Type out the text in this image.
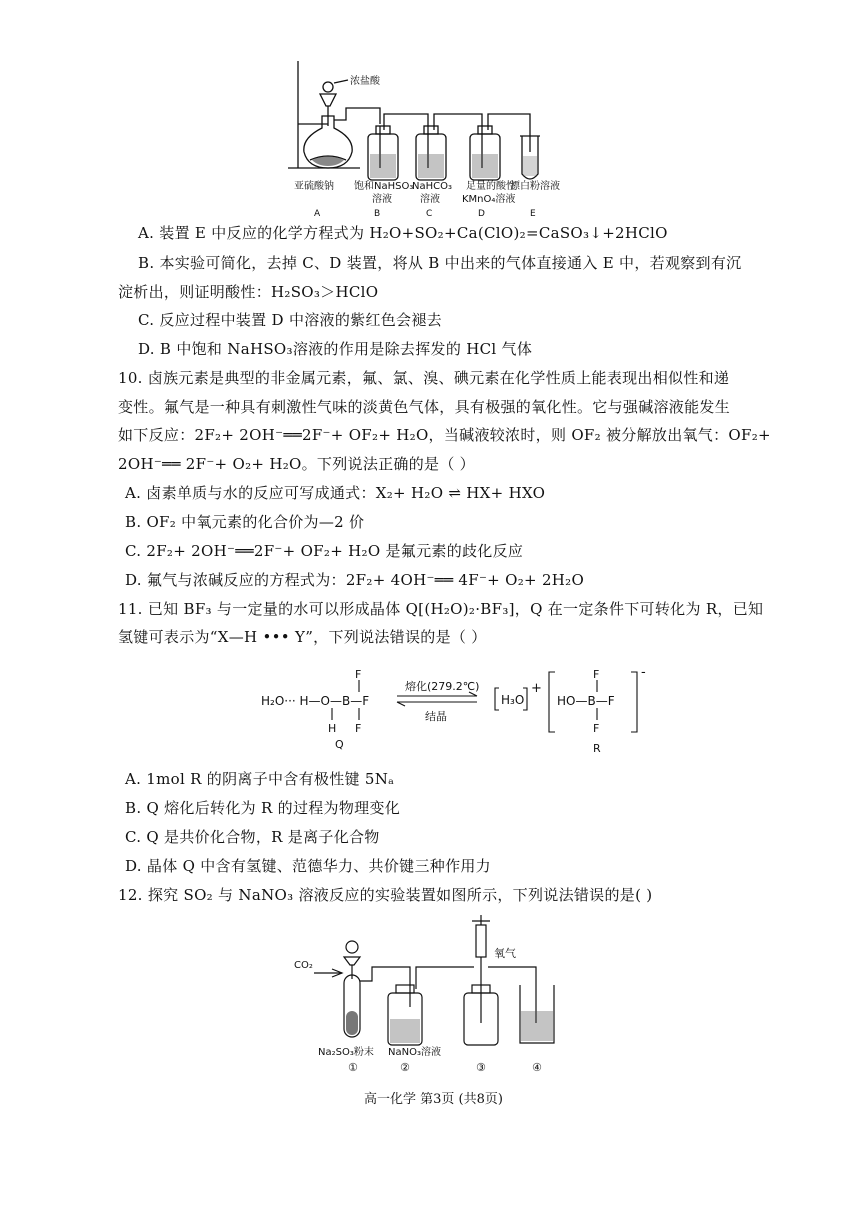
浓盐酸
亚硫酸钠 饱和NaHSO₃
溶液
NaHCO₃
溶液
足量的酸性
KMnO₄溶液
漂白粉溶液
A	B	C	D	E
A. 装置 E 中反应的化学方程式为 H₂O+SO₂+Ca(ClO)₂=CaSO₃↓+2HClO
B. 本实验可简化，去掉 C、D 装置，将从 B 中出来的气体直接通入 E 中，若观察到有沉
淀析出，则证明酸性：H₂SO₃＞HClO
C. 反应过程中装置 D 中溶液的紫红色会褪去
D. B 中饱和 NaHSO₃溶液的作用是除去挥发的 HCl 气体
10. 卤族元素是典型的非金属元素，氟、氯、溴、碘元素在化学性质上能表现出相似性和递
变性。氟气是一种具有刺激性气味的淡黄色气体，具有极强的氧化性。它与强碱溶液能发生
如下反应：2F₂+ 2OH⁻══2F⁻+ OF₂+ H₂O，当碱液较浓时，则 OF₂ 被分解放出氧气：OF₂+
2OH⁻══ 2F⁻+ O₂+ H₂O。下列说法正确的是（ ）
A. 卤素单质与水的反应可写成通式：X₂+ H₂O ⇌ HX+ HXO
B. OF₂ 中氧元素的化合价为—2 价
C. 2F₂+ 2OH⁻══2F⁻+ OF₂+ H₂O 是氟元素的歧化反应
D. 氟气与浓碱反应的方程式为：2F₂+ 4OH⁻══ 4F⁻+ O₂+ 2H₂O
11. 已知 BF₃ 与一定量的水可以形成晶体 Q[(H₂O)₂·BF₃]，Q 在一定条件下可转化为 R，已知
氢键可表示为“X—H ••• Y”，下列说法错误的是（ ）
H₂O··· H—O—B—F
F
F
H
Q
熔化(279.2℃)
结晶
H₃O
+
HO—B—F
F
F
-
R
A. 1mol R 的阴离子中含有极性键 5Nₐ
B. Q 熔化后转化为 R 的过程为物理变化
C. Q 是共价化合物，R 是离子化合物
D. 晶体 Q 中含有氢键、范德华力、共价键三种作用力
12. 探究 SO₂ 与 NaNO₃ 溶液反应的实验装置如图所示，下列说法错误的是( )
CO₂
氧气
Na₂SO₃粉末 NaNO₃溶液
①	②	③	④
高一化学 第3页 (共8页)
